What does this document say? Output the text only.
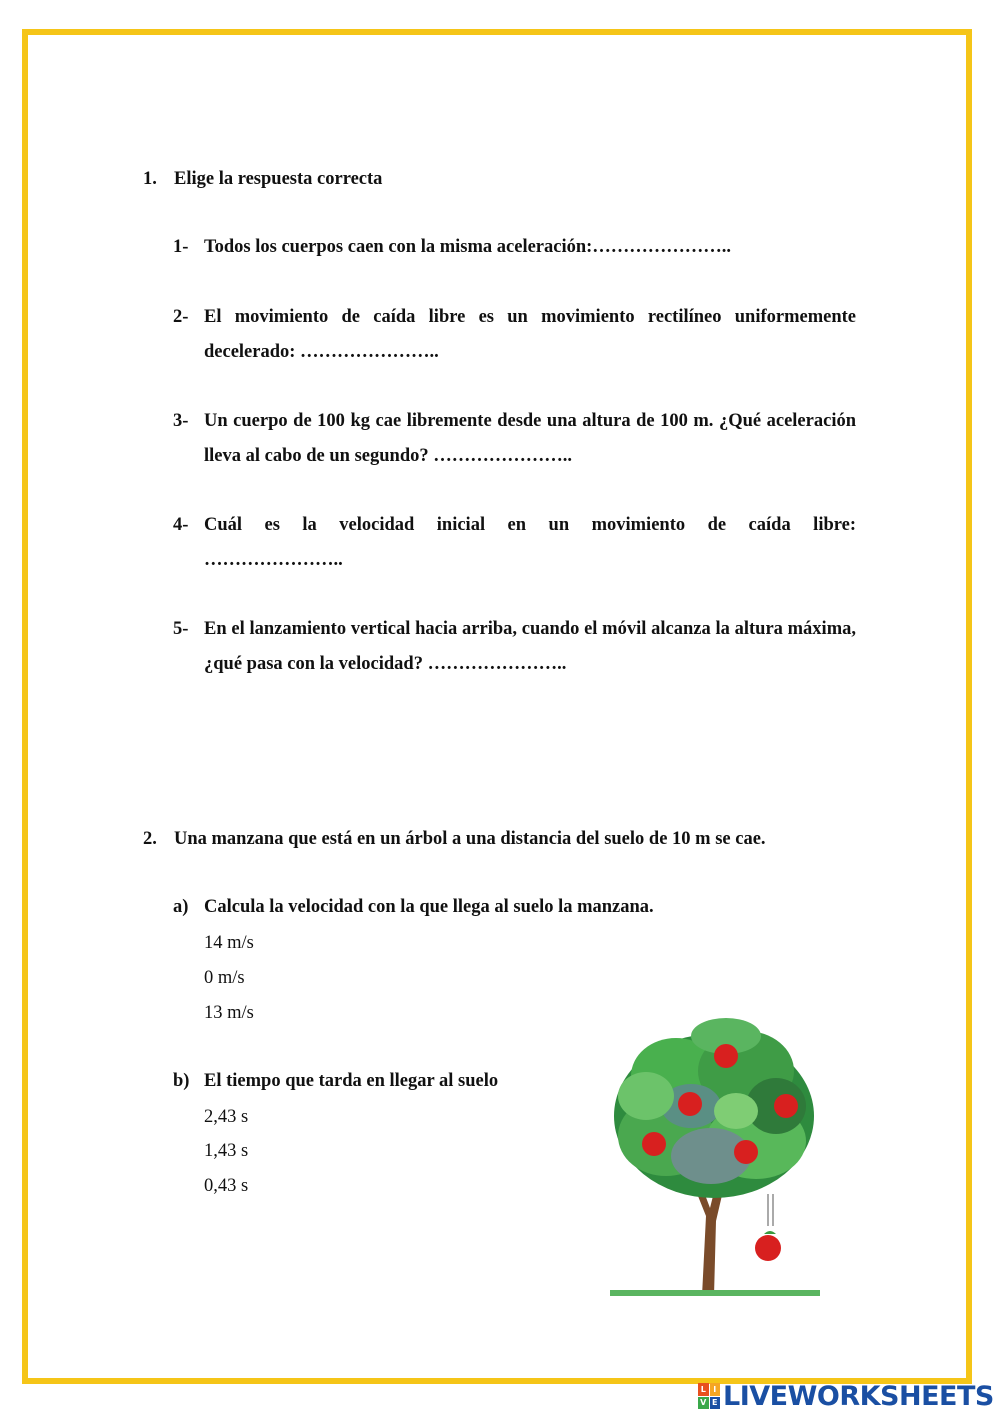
1. Elige la respuesta correcta
1- Todos los cuerpos caen con la misma aceleración:…………………..
2- El movimiento de caída libre es un movimiento rectilíneo uniformemente decelerado: …………………..
3- Un cuerpo de 100 kg cae libremente desde una altura de 100 m. ¿Qué aceleración lleva al cabo de un segundo? …………………..
4- Cuál es la velocidad inicial en un movimiento de caída libre: …………………..
5- En el lanzamiento vertical hacia arriba, cuando el móvil alcanza la altura máxima, ¿qué pasa con la velocidad? …………………..
2. Una manzana que está en un árbol a una distancia del suelo de 10 m se cae.
a) Calcula la velocidad con la que llega al suelo la manzana.
14 m/s
0 m/s
13 m/s
b) El tiempo que tarda en llegar al suelo
2,43 s
1,43 s
0,43 s
L I
V E LIVEWORKSHEETS
